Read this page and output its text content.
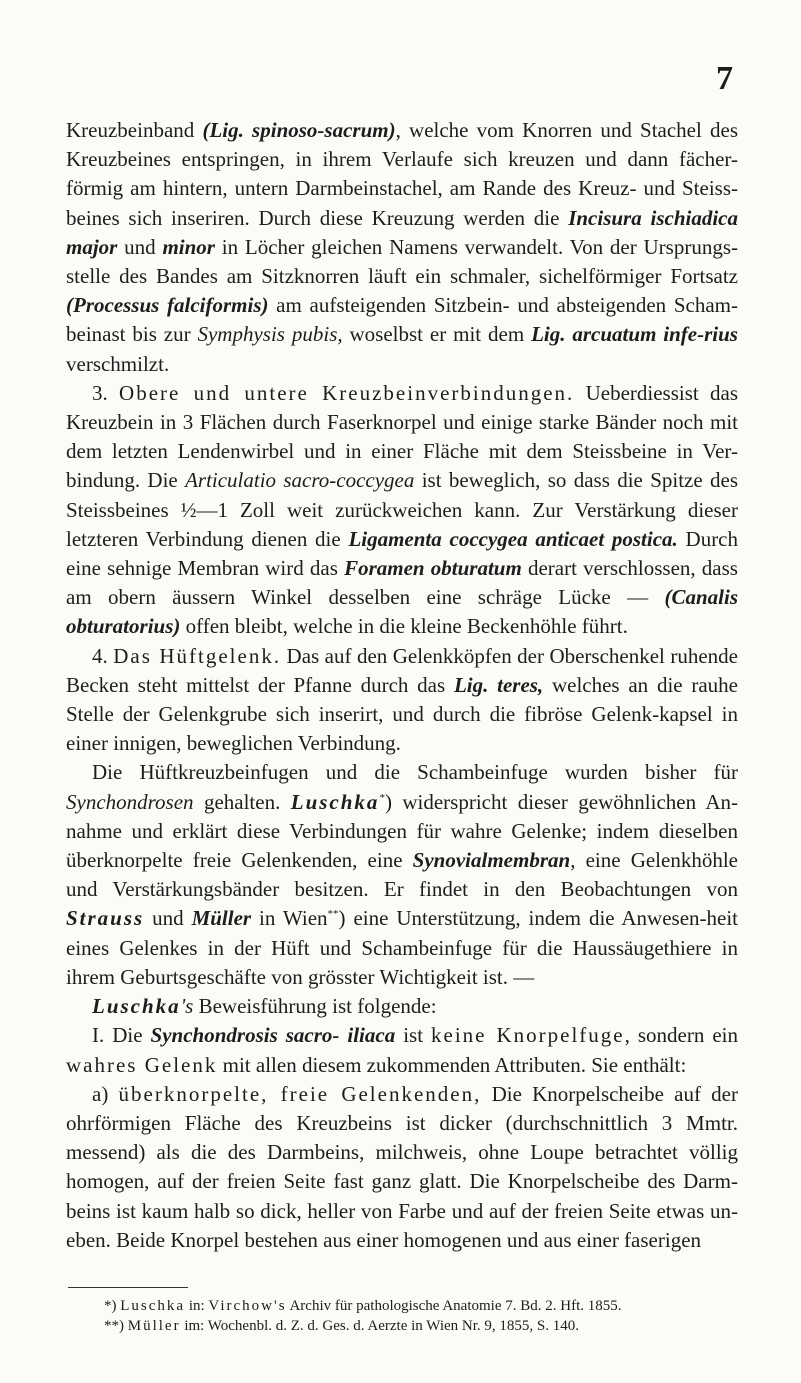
7

Kreuzbeinband (Lig. spinoso-sacrum), welche vom Knorren und Stachel des Kreuzbeines entspringen, in ihrem Verlaufe sich kreuzen und dann fächer-förmig am hintern, untern Darmbeinstachel, am Rande des Kreuz- und Steiss-beines sich inseriren. Durch diese Kreuzung werden die Incisura ischiadica major und minor in Löcher gleichen Namens verwandelt. Von der Ursprungs-stelle des Bandes am Sitzknorren läuft ein schmaler, sichelförmiger Fortsatz (Processus falciformis) am aufsteigenden Sitzbein- und absteigenden Scham-beinast bis zur Symphysis pubis, woselbst er mit dem Lig. arcuatum infe-rius verschmilzt.

3. Obere und untere Kreuzbeinverbindungen. Ueberdiessist das Kreuzbein in 3 Flächen durch Faserknorpel und einige starke Bänder noch mit dem letzten Lendenwirbel und in einer Fläche mit dem Steissbeine in Ver-bindung. Die Articulatio sacro-coccygea ist beweglich, so dass die Spitze des Steissbeines ½—1 Zoll weit zurückweichen kann. Zur Verstärkung dieser letzteren Verbindung dienen die Ligamenta coccygea anticaet postica. Durch eine sehnige Membran wird das Foramen obturatum derart verschlossen, dass am obern äussern Winkel desselben eine schräge Lücke — (Canalis obturatorius) offen bleibt, welche in die kleine Beckenhöhle führt.

4. Das Hüftgelenk. Das auf den Gelenkköpfen der Oberschenkel ruhende Becken steht mittelst der Pfanne durch das Lig. teres, welches an die rauhe Stelle der Gelenkgrube sich inserirt, und durch die fibröse Gelenk-kapsel in einer innigen, beweglichen Verbindung.

Die Hüftkreuzbeinfugen und die Schambeinfuge wurden bisher für Synchondrosen gehalten. Luschka*) widerspricht dieser gewöhnlichen An-nahme und erklärt diese Verbindungen für wahre Gelenke; indem dieselben überknorpelte freie Gelenkenden, eine Synovialmembran, eine Gelenkhöhle und Verstärkungsbänder besitzen. Er findet in den Beobachtungen von Strauss und Müller in Wien**) eine Unterstützung, indem die Anwesen-heit eines Gelenkes in der Hüft und Schambeinfuge für die Haussäugethiere in ihrem Geburtsgeschäfte von grösster Wichtigkeit ist. —

Luschka's Beweisführung ist folgende:

I. Die Synchondrosis sacro- iliaca ist keine Knorpelfuge, sondern ein wahres Gelenk mit allen diesem zukommenden Attributen. Sie enthält:

a) überknorpelte, freie Gelenkenden, Die Knorpelscheibe auf der ohrförmigen Fläche des Kreuzbeins ist dicker (durchschnittlich 3 Mmtr. messend) als die des Darmbeins, milchweis, ohne Loupe betrachtet völlig homogen, auf der freien Seite fast ganz glatt. Die Knorpelscheibe des Darm-beins ist kaum halb so dick, heller von Farbe und auf der freien Seite etwas un-eben. Beide Knorpel bestehen aus einer homogenen und aus einer faserigen

*) Luschka in: Virchow's Archiv für pathologische Anatomie 7. Bd. 2. Hft. 1855.

**) Müller im: Wochenbl. d. Z. d. Ges. d. Aerzte in Wien Nr. 9, 1855, S. 140.
